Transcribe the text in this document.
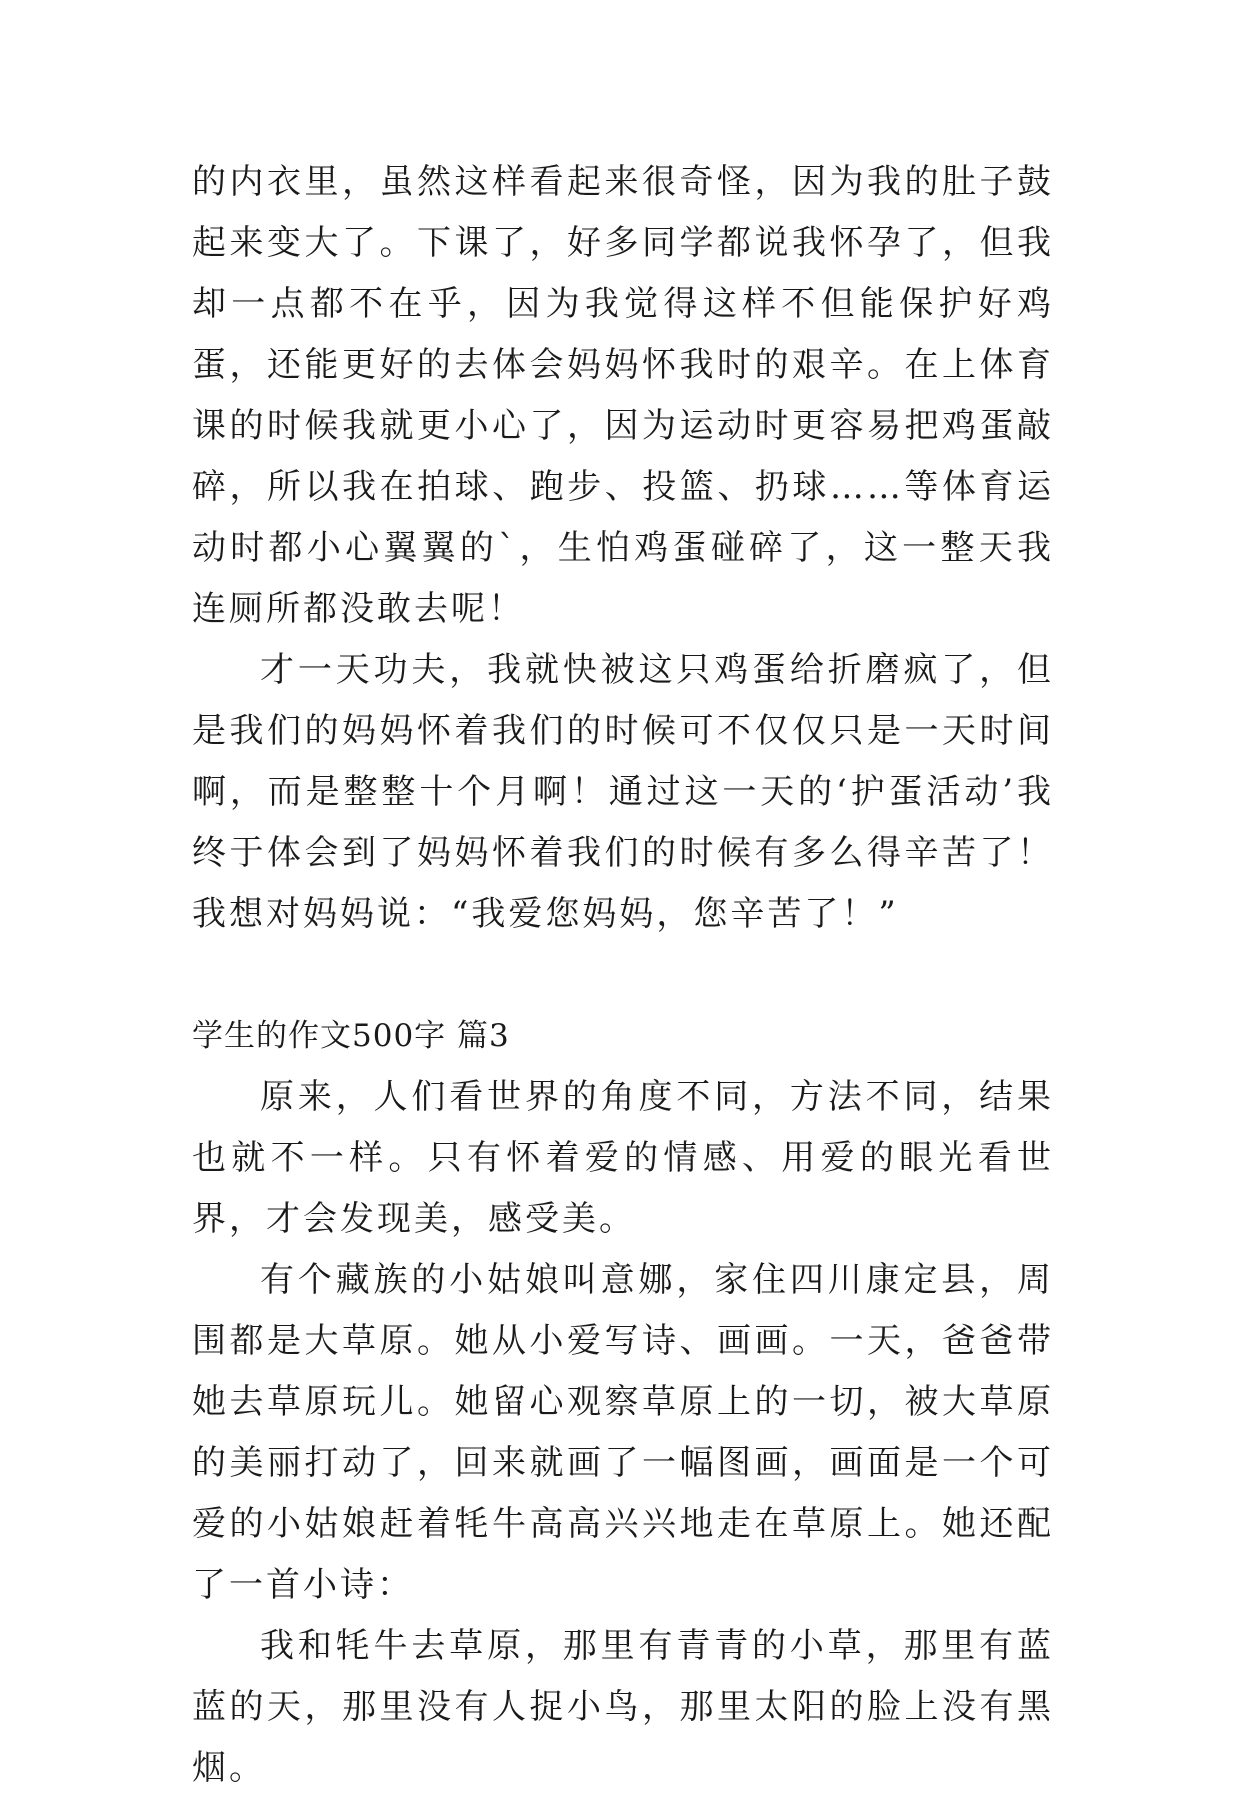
的内衣里，虽然这样看起来很奇怪，因为我的肚子鼓起来变大了。下课了，好多同学都说我怀孕了，但我却一点都不在乎，因为我觉得这样不但能保护好鸡蛋，还能更好的去体会妈妈怀我时的艰辛。在上体育课的时候我就更小心了，因为运动时更容易把鸡蛋敲碎，所以我在拍球、跑步、投篮、扔球……等体育运动时都小心翼翼的`，生怕鸡蛋碰碎了，这一整天我连厕所都没敢去呢！

才一天功夫，我就快被这只鸡蛋给折磨疯了，但是我们的妈妈怀着我们的时候可不仅仅只是一天时间啊，而是整整十个月啊！通过这一天的‘护蛋活动’我终于体会到了妈妈怀着我们的时候有多么得辛苦了！我想对妈妈说：“我爱您妈妈，您辛苦了！”

学生的作文500字 篇3

原来，人们看世界的角度不同，方法不同，结果也就不一样。只有怀着爱的情感、用爱的眼光看世界，才会发现美，感受美。

有个藏族的小姑娘叫意娜，家住四川康定县，周围都是大草原。她从小爱写诗、画画。一天，爸爸带她去草原玩儿。她留心观察草原上的一切，被大草原的美丽打动了，回来就画了一幅图画，画面是一个可爱的小姑娘赶着牦牛高高兴兴地走在草原上。她还配了一首小诗：

我和牦牛去草原，那里有青青的小草，那里有蓝蓝的天，那里没有人捉小鸟，那里太阳的脸上没有黑烟。
